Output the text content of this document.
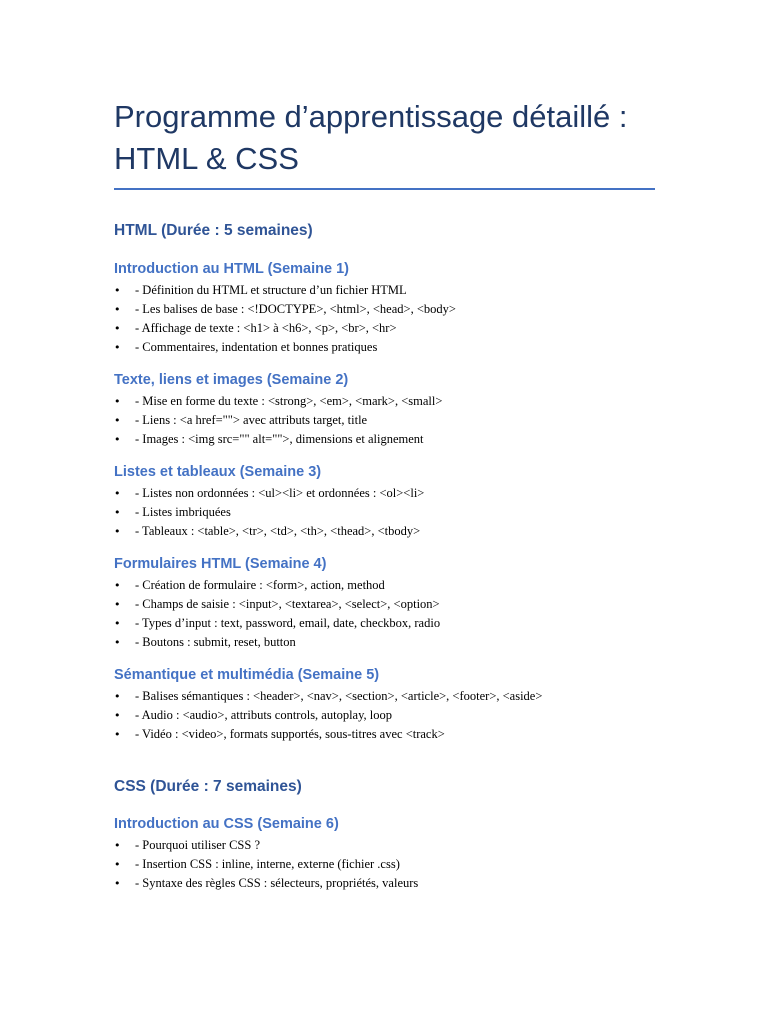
Programme d’apprentissage détaillé :
HTML & CSS
HTML (Durée : 5 semaines)
Introduction au HTML (Semaine 1)
• - Définition du HTML et structure d’un fichier HTML
• - Les balises de base : <!DOCTYPE>, <html>, <head>, <body>
• - Affichage de texte : <h1> à <h6>, <p>, <br>, <hr>
• - Commentaires, indentation et bonnes pratiques
Texte, liens et images (Semaine 2)
• - Mise en forme du texte : <strong>, <em>, <mark>, <small>
• - Liens : <a href=""> avec attributs target, title
• - Images : <img src="" alt="">, dimensions et alignement
Listes et tableaux (Semaine 3)
• - Listes non ordonnées : <ul><li> et ordonnées : <ol><li>
• - Listes imbriquées
• - Tableaux : <table>, <tr>, <td>, <th>, <thead>, <tbody>
Formulaires HTML (Semaine 4)
• - Création de formulaire : <form>, action, method
• - Champs de saisie : <input>, <textarea>, <select>, <option>
• - Types d’input : text, password, email, date, checkbox, radio
• - Boutons : submit, reset, button
Sémantique et multimédia (Semaine 5)
• - Balises sémantiques : <header>, <nav>, <section>, <article>, <footer>, <aside>
• - Audio : <audio>, attributs controls, autoplay, loop
• - Vidéo : <video>, formats supportés, sous-titres avec <track>
CSS (Durée : 7 semaines)
Introduction au CSS (Semaine 6)
• - Pourquoi utiliser CSS ?
• - Insertion CSS : inline, interne, externe (fichier .css)
• - Syntaxe des règles CSS : sélecteurs, propriétés, valeurs
